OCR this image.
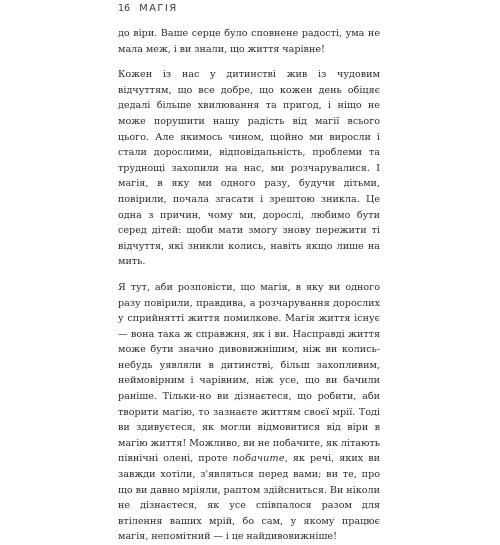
16 МАГІЯ

до віри. Ваше серце було сповнене радості, ума не мала меж, і ви знали, що життя чарівне!

Кожен із нас у дитинстві жив із чудовим відчуттям, що все добре, що кожен день обіцяє дедалі більше хвилювання та пригод, і ніщо не може порушити нашу радість від магії всього цього. Але якимось чином, щойно ми виросли і стали дорослими, відповідальність, проблеми та труднощі захопили на нас, ми розчарувалися. І магія, в яку ми одного разу, будучи дітьми, повірили, почала згасати і зрештою зникла. Це одна з причин, чому ми, дорослі, любимо бути серед дітей: щоби мати змогу знову пережити ті відчуття, які зникли колись, навіть якщо лише на мить.

Я тут, аби розповісти, що магія, в яку ви одного разу повірили, правдива, а розчарування дорослих у сприйнятті життя помилкове. Магія життя існує — вона така ж справжня, як і ви. Насправді життя може бути значно дивовижнішим, ніж ви колись-небудь уявляли в дитинстві, більш захопливим, неймовірним і чарівним, ніж усе, що ви бачили раніше. Тільки-но ви дізнаєтеся, що робити, аби творити магію, то зазнаєте життям своєї мрії. Тоді ви здивуєтеся, як могли відмовитися від віри в магію життя! Можливо, ви не побачите, як літають північні олені, проте побачите, як речі, яких ви завжди хотіли, з'являться перед вами; ви те, про що ви давно мріяли, раптом здійсниться. Ви ніколи не дізнаєтеся, як усе співпалося разом для втілення ваших мрій, бо сам, у якому працює магія, непомітний — і це найдивовижніше!
